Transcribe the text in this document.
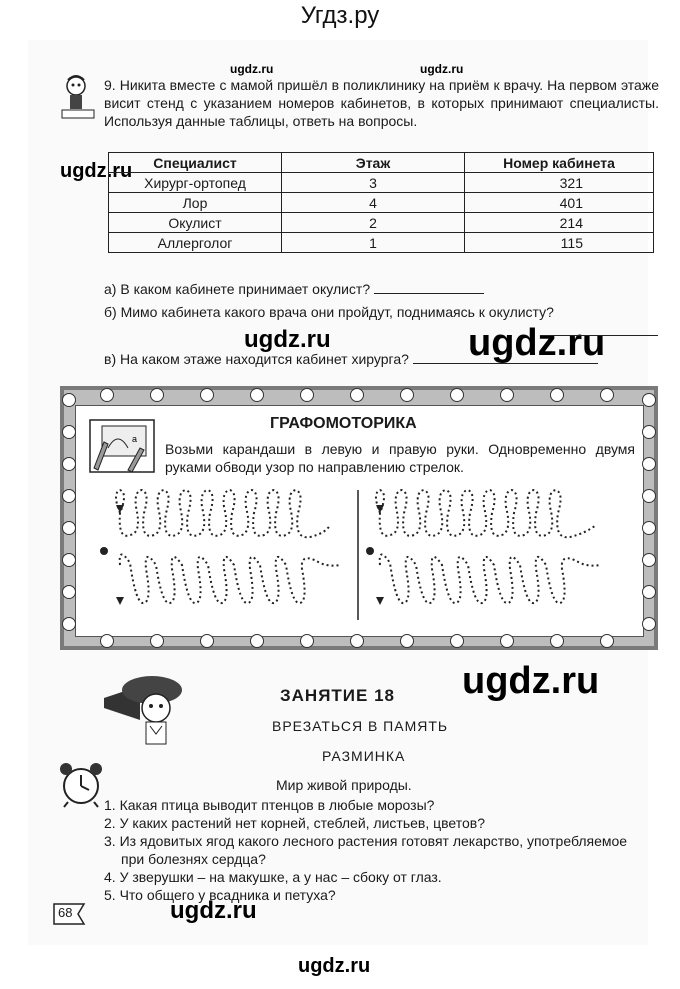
Угдз.ру
ugdz.ru	ugdz.ru
ugdz.ru
ugdz.ru	ugdz.ru
ugdz.ru
ugdz.ru
ugdz.ru

9. Никита вместе с мамой пришёл в поликлинику на приём к врачу. На первом этаже висит стенд с указанием номеров кабинетов, в которых принимают специалисты. Используя данные таблицы, ответь на вопросы.

Специалист	Этаж	Номер кабинета
Хирург-ортопед	3	321
Лор	4	401
Окулист	2	214
Аллерголог	1	115
а) В каком кабинете принимает окулист?
б) Мимо кабинета какого врача они пройдут, поднимаясь к окулисту?
в) На каком этаже находится кабинет хирурга?
a
ГРАФОМОТОРИКА
Возьми карандаши в левую и правую руки. Одновременно двумя руками обводи узор по направлению стрелок.
ЗАНЯТИЕ 18
ВРЕЗАТЬСЯ В ПАМЯТЬ
РАЗМИНКА
Мир живой природы.
1. Какая птица выводит птенцов в любые морозы?
2. У каких растений нет корней, стеблей, листьев, цветов?
3. Из ядовитых ягод какого лесного растения готовят лекарство, употребляемое при болезнях сердца?
4. У зверушки – на макушке, а у нас – сбоку от глаз.
5. Что общего у всадника и петуха?
68
